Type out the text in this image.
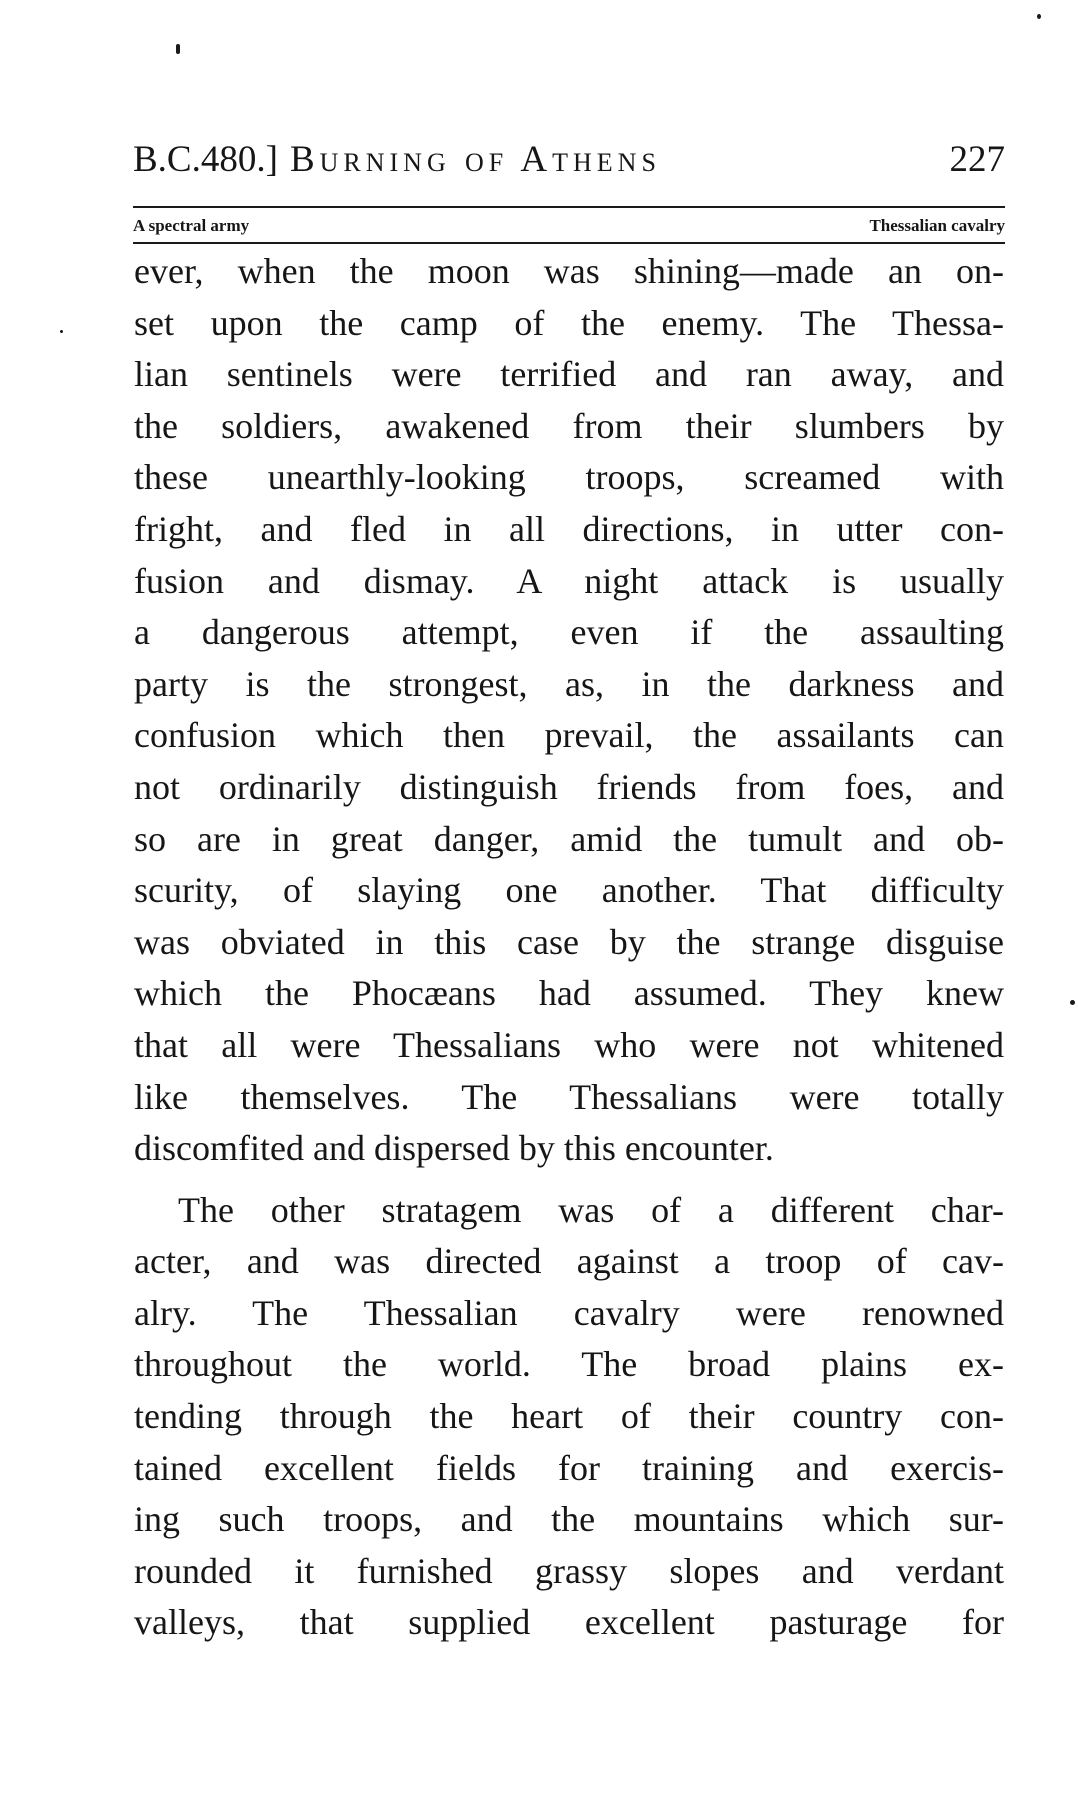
B.C.480.] Burning of Athens	227
A spectral army	Thessalian cavalry
ever, when the moon was shining—made an on-
set upon the camp of the enemy. The Thessa-
lian sentinels were terrified and ran away, and
the soldiers, awakened from their slumbers by
these unearthly-looking troops, screamed with
fright, and fled in all directions, in utter con-
fusion and dismay. A night attack is usually
a dangerous attempt, even if the assaulting
party is the strongest, as, in the darkness and
confusion which then prevail, the assailants can
not ordinarily distinguish friends from foes, and
so are in great danger, amid the tumult and ob-
scurity, of slaying one another. That difficulty
was obviated in this case by the strange disguise
which the Phocæans had assumed. They knew
that all were Thessalians who were not whitened
like themselves. The Thessalians were totally
discomfited and dispersed by this encounter.
The other stratagem was of a different char-
acter, and was directed against a troop of cav-
alry. The Thessalian cavalry were renowned
throughout the world. The broad plains ex-
tending through the heart of their country con-
tained excellent fields for training and exercis-
ing such troops, and the mountains which sur-
rounded it furnished grassy slopes and verdant
valleys, that supplied excellent pasturage for
